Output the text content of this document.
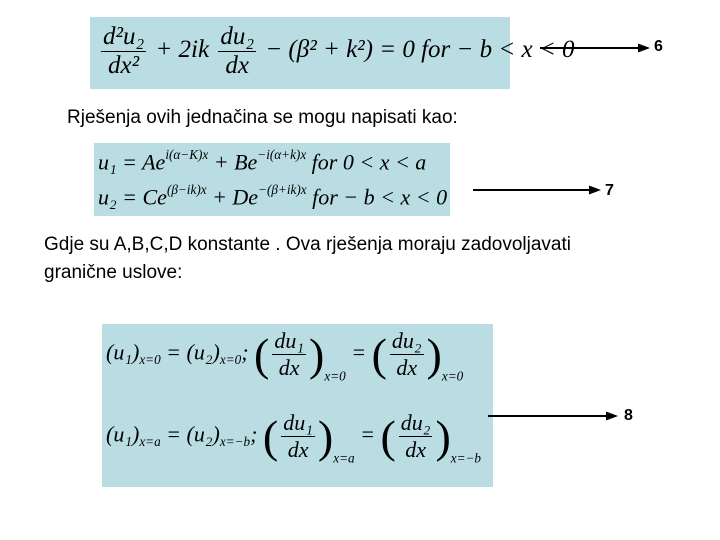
$\frac{\text{d²u₂}}{\text{dx²}} + 2ik \frac{\text{du₂}}{dx} - (\beta^2 + k^2) = 0$ for − b < x < 0	6
Rješenja ovih jednačina se mogu napisati kao:
$u_1 = Ae^{i(\alpha-K)x} + Be^{-i(\alpha+k)x}$ for 0 < x < a
$u_2 = Ce^{(\beta-ik)x} + De^{-(\beta+ik)x}$ for − b < x < 0	7
Gdje su A,B,C,D konstante . Ova rješenja moraju zadovoljavati
granične uslove:
$(u_1)_{x=0} = (u_2)_{x=0}$; ( $\frac{\text{du₁}}{dx} )_{x=0}$ = ( $\frac{\text{du₂}}{dx} )_{x=0}$
$(u_1)_{x=a} = (u_2)_{x=-b}$; ( $\frac{\text{du₁}}{dx} )_{x=a}$ = ( $\frac{\text{du₂}}{dx} )_{x=-b}$
8
